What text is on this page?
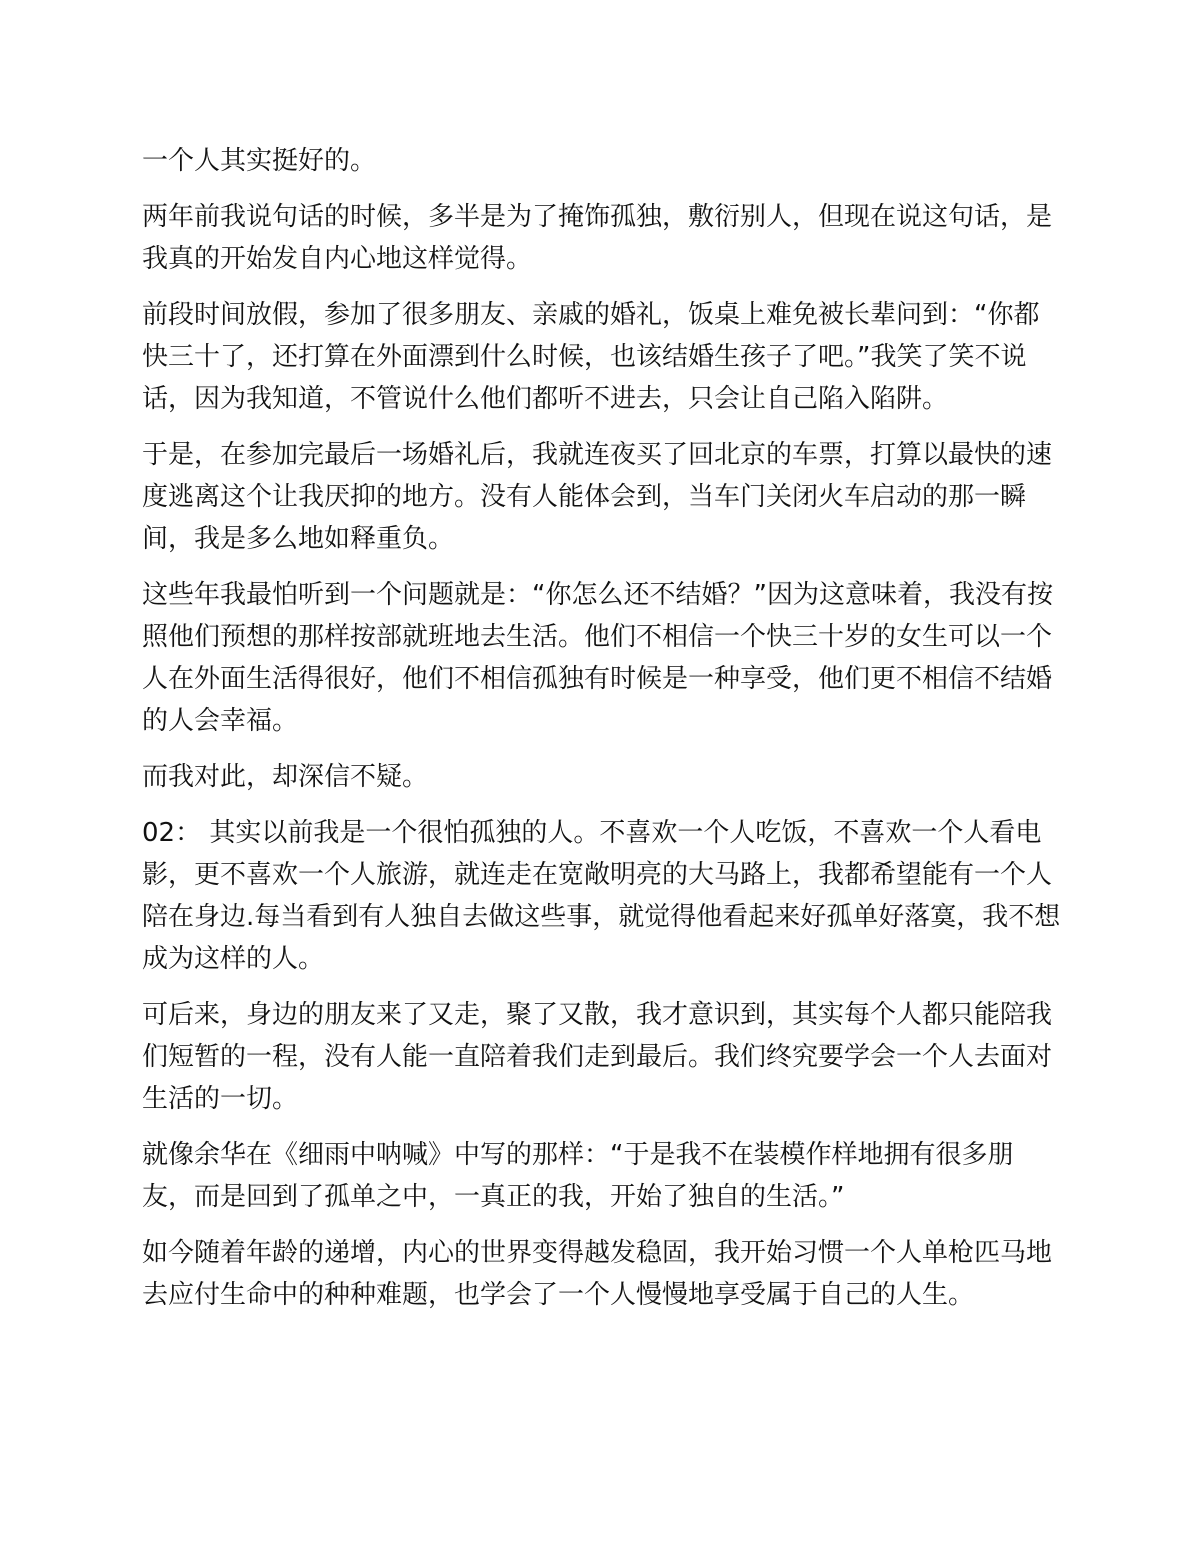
一个人其实挺好的。

两年前我说句话的时候，多半是为了掩饰孤独，敷衍别人，但现在说这句话，是我真的开始发自内心地这样觉得。

前段时间放假，参加了很多朋友、亲戚的婚礼，饭桌上难免被长辈问到：“你都快三十了，还打算在外面漂到什么时候，也该结婚生孩子了吧。”我笑了笑不说话，因为我知道，不管说什么他们都听不进去，只会让自己陷入陷阱。

于是，在参加完最后一场婚礼后，我就连夜买了回北京的车票，打算以最快的速度逃离这个让我厌抑的地方。没有人能体会到，当车门关闭火车启动的那一瞬间，我是多么地如释重负。

这些年我最怕听到一个问题就是：“你怎么还不结婚？”因为这意味着，我没有按照他们预想的那样按部就班地去生活。他们不相信一个快三十岁的女生可以一个人在外面生活得很好，他们不相信孤独有时候是一种享受，他们更不相信不结婚的人会幸福。

而我对此，却深信不疑。

02： 其实以前我是一个很怕孤独的人。不喜欢一个人吃饭，不喜欢一个人看电影，更不喜欢一个人旅游，就连走在宽敞明亮的大马路上，我都希望能有一个人陪在身边.每当看到有人独自去做这些事，就觉得他看起来好孤单好落寞，我不想成为这样的人。

可后来，身边的朋友来了又走，聚了又散，我才意识到，其实每个人都只能陪我们短暂的一程，没有人能一直陪着我们走到最后。我们终究要学会一个人去面对生活的一切。

就像余华在《细雨中呐喊》中写的那样：“于是我不在装模作样地拥有很多朋友，而是回到了孤单之中，一真正的我，开始了独自的生活。”

如今随着年龄的递增，内心的世界变得越发稳固，我开始习惯一个人单枪匹马地去应付生命中的种种难题，也学会了一个人慢慢地享受属于自己的人生。
